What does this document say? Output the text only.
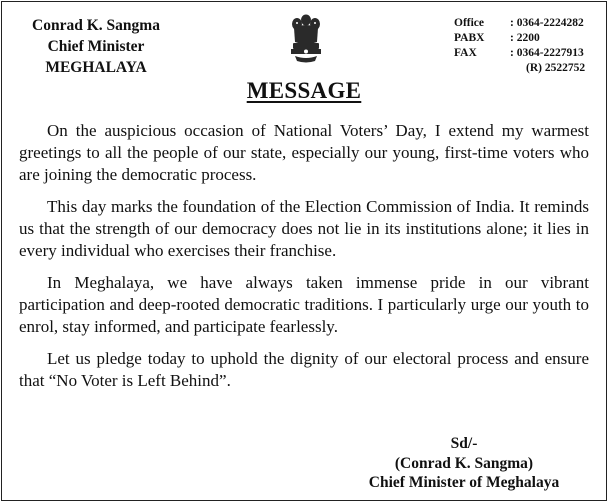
Conrad K. Sangma
Chief Minister
MEGHALAYA
Office	: 0364-2224282
PABX	: 2200
FAX	: 0364-2227913
(R) 2522752
MESSAGE

On the auspicious occasion of National Voters’ Day, I extend my warmest greetings to all the people of our state, especially our young, first-time voters who are joining the democratic process.

This day marks the foundation of the Election Commission of India. It reminds us that the strength of our democracy does not lie in its institutions alone; it lies in every individual who exercises their franchise.

In Meghalaya, we have always taken immense pride in our vibrant participation and deep-rooted democratic traditions. I particularly urge our youth to enrol, stay informed, and participate fearlessly.

Let us pledge today to uphold the dignity of our electoral process and ensure that “No Voter is Left Behind”.

Sd/-
(Conrad K. Sangma)
Chief Minister of Meghalaya
